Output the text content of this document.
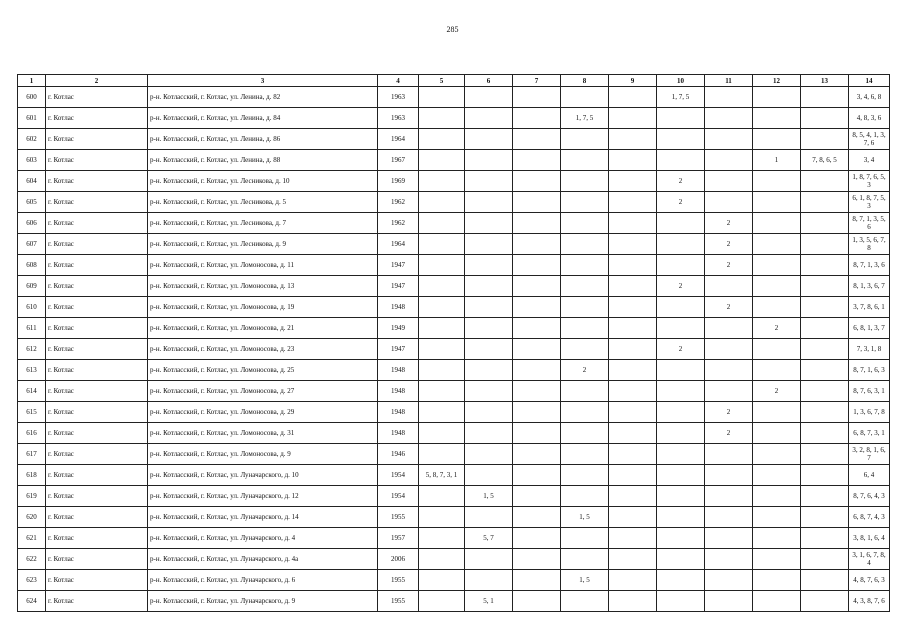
285
1	2	3	4	5	6	7	8	9	10	11	12	13	14
600	г. Котлас	р-н. Котласский, г. Котлас, ул. Ленина, д. 82	1963						1, 7, 5				3, 4, 6, 8
601	г. Котлас	р-н. Котласский, г. Котлас, ул. Ленина, д. 84	1963				1, 7, 5						4, 8, 3, 6
602	г. Котлас	р-н. Котласский, г. Котлас, ул. Ленина, д. 86	1964										8, 5, 4, 1, 3, 7, 6
603	г. Котлас	р-н. Котласский, г. Котлас, ул. Ленина, д. 88	1967								1	7, 8, 6, 5	3, 4
604	г. Котлас	р-н. Котласский, г. Котлас, ул. Лесникова, д. 10	1969						2				1, 8, 7, 6, 5, 3
605	г. Котлас	р-н. Котласский, г. Котлас, ул. Лесникова, д. 5	1962						2				6, 1, 8, 7, 5, 3
606	г. Котлас	р-н. Котласский, г. Котлас, ул. Лесникова, д. 7	1962							2			8, 7, 1, 3, 5, 6
607	г. Котлас	р-н. Котласский, г. Котлас, ул. Лесникова, д. 9	1964							2			1, 3, 5, 6, 7, 8
608	г. Котлас	р-н. Котласский, г. Котлас, ул. Ломоносова, д. 11	1947							2			8, 7, 1, 3, 6
609	г. Котлас	р-н. Котласский, г. Котлас, ул. Ломоносова, д. 13	1947						2				8, 1, 3, 6, 7
610	г. Котлас	р-н. Котласский, г. Котлас, ул. Ломоносова, д. 19	1948							2			3, 7, 8, 6, 1
611	г. Котлас	р-н. Котласский, г. Котлас, ул. Ломоносова, д. 21	1949								2		6, 8, 1, 3, 7
612	г. Котлас	р-н. Котласский, г. Котлас, ул. Ломоносова, д. 23	1947						2				7, 3, 1, 8
613	г. Котлас	р-н. Котласский, г. Котлас, ул. Ломоносова, д. 25	1948				2						8, 7, 1, 6, 3
614	г. Котлас	р-н. Котласский, г. Котлас, ул. Ломоносова, д. 27	1948								2		8, 7, 6, 3, 1
615	г. Котлас	р-н. Котласский, г. Котлас, ул. Ломоносова, д. 29	1948							2			1, 3, 6, 7, 8
616	г. Котлас	р-н. Котласский, г. Котлас, ул. Ломоносова, д. 31	1948							2			6, 8, 7, 3, 1
617	г. Котлас	р-н. Котласский, г. Котлас, ул. Ломоносова, д. 9	1946										3, 2, 8, 1, 6, 7
618	г. Котлас	р-н. Котласский, г. Котлас, ул. Луначарского, д. 10	1954	5, 8, 7, 3, 1									6, 4
619	г. Котлас	р-н. Котласский, г. Котлас, ул. Луначарского, д. 12	1954		1, 5								8, 7, 6, 4, 3
620	г. Котлас	р-н. Котласский, г. Котлас, ул. Луначарского, д. 14	1955				1, 5						6, 8, 7, 4, 3
621	г. Котлас	р-н. Котласский, г. Котлас, ул. Луначарского, д. 4	1957		5, 7								3, 8, 1, 6, 4
622	г. Котлас	р-н. Котласский, г. Котлас, ул. Луначарского, д. 4а	2006										3, 1, 6, 7, 8, 4
623	г. Котлас	р-н. Котласский, г. Котлас, ул. Луначарского, д. 6	1955				1, 5						4, 8, 7, 6, 3
624	г. Котлас	р-н. Котласский, г. Котлас, ул. Луначарского, д. 9	1955		5, 1								4, 3, 8, 7, 6
